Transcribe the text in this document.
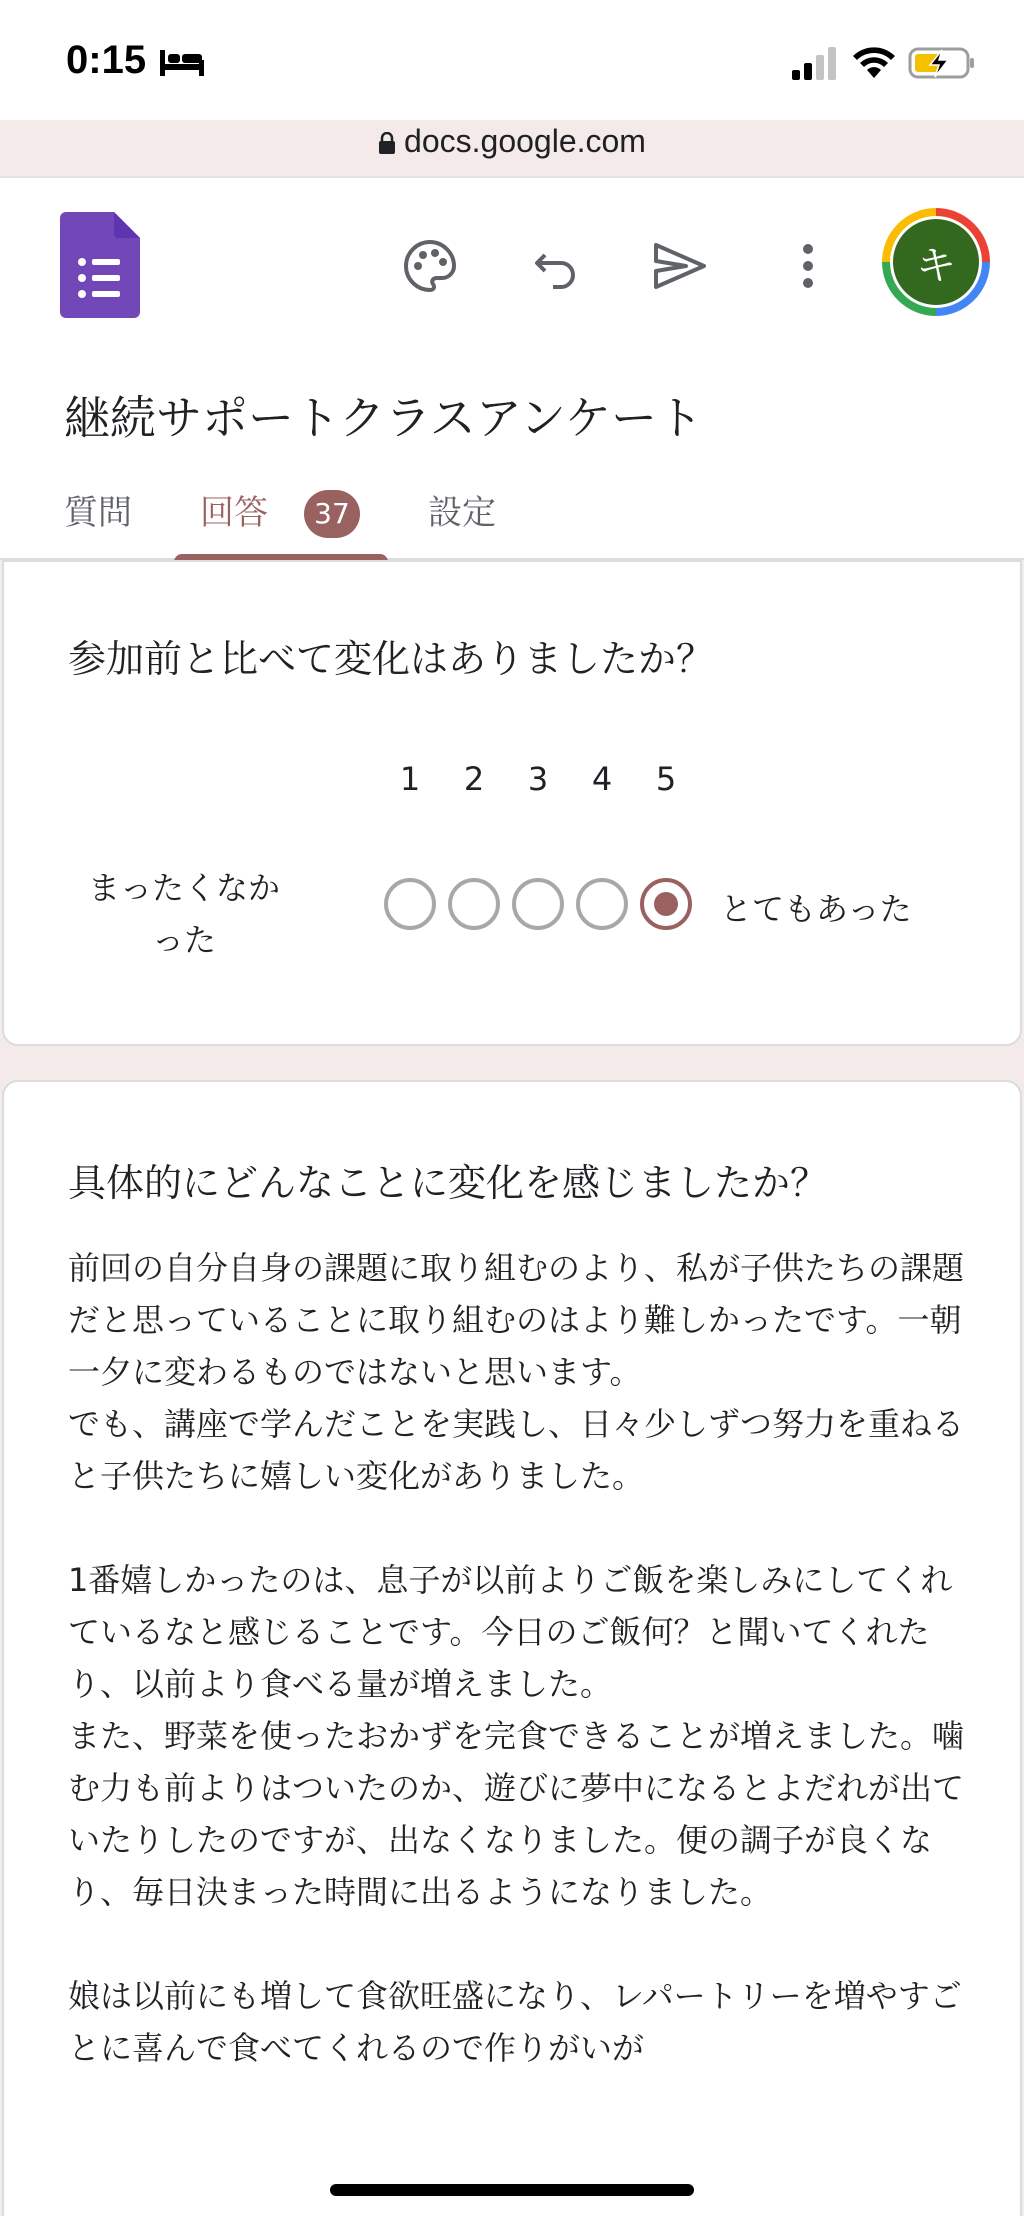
0:15
docs.google.com
キ
継続サポートクラスアンケート
質問	回答	37 設定
参加前と比べて変化はありましたか？
1	2	3	4	5
まったくなかった
とてもあった
具体的にどんなことに変化を感じましたか？

前回の自分自身の課題に取り組むのより、私が子供たちの課題だと思っていることに取り組むのはより難しかったです。一朝一夕に変わるものではないと思います。
でも、講座で学んだことを実践し、日々少しずつ努力を重ねると子供たちに嬉しい変化がありました。

1番嬉しかったのは、息子が以前よりご飯を楽しみにしてくれているなと感じることです。今日のご飯何？と聞いてくれたり、以前より食べる量が増えました。
また、野菜を使ったおかずを完食できることが増えました。噛む力も前よりはついたのか、遊びに夢中になるとよだれが出ていたりしたのですが、出なくなりました。便の調子が良くなり、毎日決まった時間に出るようになりました。

娘は以前にも増して食欲旺盛になり、レパートリーを増やすごとに喜んで食べてくれるので作りがいが
